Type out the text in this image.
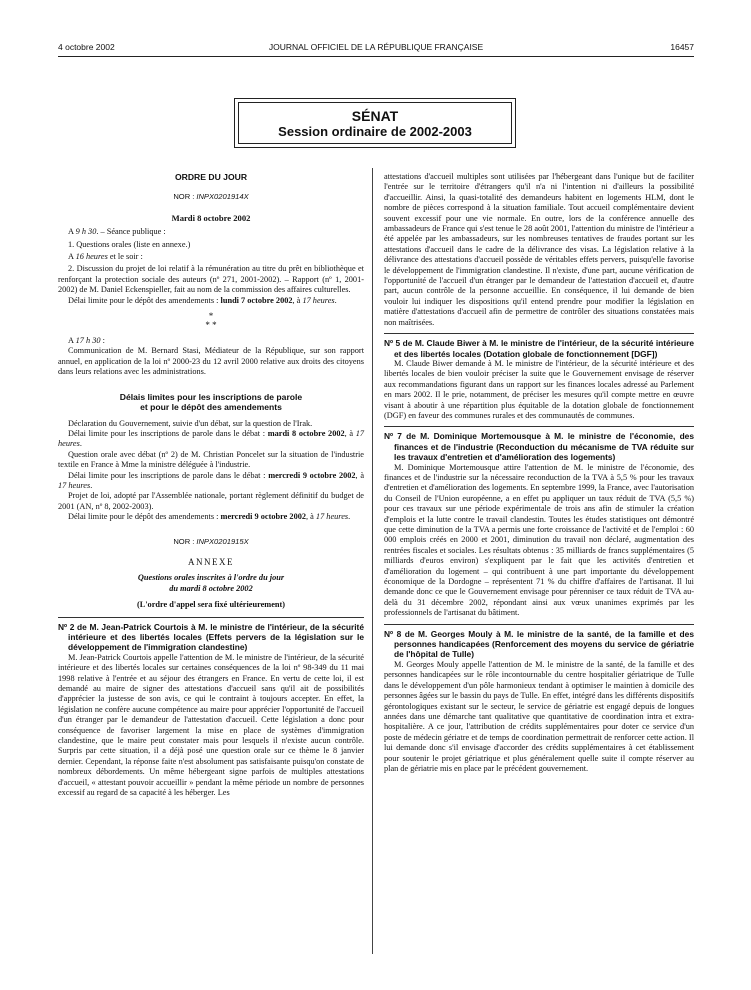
4 octobre 2002	JOURNAL OFFICIEL DE LA RÉPUBLIQUE FRANÇAISE	16457
SÉNAT
Session ordinaire de 2002-2003

ORDRE DU JOUR

NOR : INPX0201914X

Mardi 8 octobre 2002

A 9 h 30. – Séance publique :

1. Questions orales (liste en annexe.)

A 16 heures et le soir :

2. Discussion du projet de loi relatif à la rémunération au titre du prêt en bibliothèque et renforçant la protection sociale des auteurs (nº 271, 2001-2002). – Rapport (nº 1, 2001-2002) de M. Daniel Eckenspieller, fait au nom de la commission des affaires culturelles.

Délai limite pour le dépôt des amendements : lundi 7 octobre 2002, à 17 heures.

*
* *

A 17 h 30 :

Communication de M. Bernard Stasi, Médiateur de la République, sur son rapport annuel, en application de la loi nº 2000-23 du 12 avril 2000 relative aux droits des citoyens dans leurs relations avec les administrations.

Délais limites pour les inscriptions de parole

et pour le dépôt des amendements

Déclaration du Gouvernement, suivie d'un débat, sur la question de l'Irak.

Délai limite pour les inscriptions de parole dans le débat : mardi 8 octobre 2002, à 17 heures.

Question orale avec débat (nº 2) de M. Christian Poncelet sur la situation de l'industrie textile en France à Mme la ministre déléguée à l'industrie.

Délai limite pour les inscriptions de parole dans le débat : mercredi 9 octobre 2002, à 17 heures.

Projet de loi, adopté par l'Assemblée nationale, portant règlement définitif du budget de 2001 (AN, nº 8, 2002-2003).

Délai limite pour le dépôt des amendements : mercredi 9 octobre 2002, à 17 heures.

NOR : INPX0201915X

ANNEXE

Questions orales inscrites à l'ordre du jour

du mardi 8 octobre 2002

(L'ordre d'appel sera fixé ultérieurement)

Nº 2 de M. Jean-Patrick Courtois à M. le ministre de l'intérieur, de la sécurité intérieure et des libertés locales (Effets pervers de la législation sur le développement de l'immigration clandestine)

M. Jean-Patrick Courtois appelle l'attention de M. le ministre de l'intérieur, de la sécurité intérieure et des libertés locales sur certaines conséquences de la loi nº 98-349 du 11 mai 1998 relative à l'entrée et au séjour des étrangers en France. En vertu de cette loi, il est demandé au maire de signer des attestations d'accueil sans qu'il ait de possibilités d'apprécier la justesse de son avis, ce qui le contraint à toujours accepter. En effet, la législation ne confère aucune compétence au maire pour apprécier l'opportunité de l'accueil d'un étranger par le demandeur de l'attestation d'accueil. Cette législation a donc pour conséquence de favoriser largement la mise en place de systèmes d'immigration clandestine, que le maire peut constater mais pour lesquels il n'existe aucun contrôle. Surpris par cette situation, il a déjà posé une question orale sur ce thème le 8 janvier dernier. Cependant, la réponse faite n'est absolument pas satisfaisante puisqu'on constate de nombreux débordements. Un même hébergeant signe parfois de multiples attestations d'accueil, « attestant pouvoir accueillir » pendant la même période un nombre de personnes excessif au regard de sa capacité à les héberger. Les

attestations d'accueil multiples sont utilisées par l'hébergeant dans l'unique but de faciliter l'entrée sur le territoire d'étrangers qu'il n'a ni l'intention ni d'ailleurs la possibilité d'accueillir. Ainsi, la quasi-totalité des demandeurs habitent en logements HLM, dont le nombre de pièces correspond à la situation familiale. Tout accueil complémentaire devient souvent excessif pour une vie normale. En outre, lors de la conférence annuelle des ambassadeurs de France qui s'est tenue le 28 août 2001, l'attention du ministre de l'intérieur a été appelée par les ambassadeurs, sur les nombreuses tentatives de fraudes portant sur les attestations d'accueil dans le cadre de la délivrance des visas. La législation relative à la délivrance des attestations d'accueil possède de véritables effets pervers, puisqu'elle favorise le développement de l'immigration clandestine. Il n'existe, d'une part, aucune vérification de l'opportunité de l'accueil d'un étranger par le demandeur de l'attestation d'accueil et, d'autre part, aucun contrôle de la personne accueillie. En conséquence, il lui demande de bien vouloir lui indiquer les dispositions qu'il entend prendre pour modifier la législation en matière d'attestations d'accueil afin de permettre de contrôler des situations constatées mais non maîtrisées.

Nº 5 de M. Claude Biwer à M. le ministre de l'intérieur, de la sécurité intérieure et des libertés locales (Dotation globale de fonctionnement [DGF])

M. Claude Biwer demande à M. le ministre de l'intérieur, de la sécurité intérieure et des libertés locales de bien vouloir préciser la suite que le Gouvernement envisage de réserver aux recommandations figurant dans un rapport sur les finances locales adressé au Parlement en mars 2002. Il le prie, notamment, de préciser les mesures qu'il compte mettre en œuvre visant à aboutir à une répartition plus équitable de la dotation globale de fonctionnement (DGF) en faveur des communes rurales et des communautés de communes.

Nº 7 de M. Dominique Mortemousque à M. le ministre de l'économie, des finances et de l'industrie (Reconduction du mécanisme de TVA réduite sur les travaux d'entretien et d'amélioration des logements)

M. Dominique Mortemousque attire l'attention de M. le ministre de l'économie, des finances et de l'industrie sur la nécessaire reconduction de la TVA à 5,5 % pour les travaux d'entretien et d'amélioration des logements. En septembre 1999, la France, avec l'autorisation du Conseil de l'Union européenne, a en effet pu appliquer un taux réduit de TVA (5,5 %) pour ces travaux sur une période expérimentale de trois ans afin de stimuler la création d'emplois et la lutte contre le travail clandestin. Toutes les études statistiques ont démontré que cette diminution de la TVA a permis une forte croissance de l'activité et de l'emploi : 60 000 emplois créés en 2000 et 2001, diminution du travail non déclaré, augmentation des rentrées fiscales et sociales. Les résultats obtenus : 35 milliards de francs supplémentaires (5 milliards d'euros environ) s'expliquent par le fait que les activités d'entretien et d'amélioration du logement – qui contribuent à une part importante du développement économique de la Dordogne – représentent 71 % du chiffre d'affaires de l'artisanat. Il lui demande donc ce que le Gouvernement envisage pour pérenniser ce taux réduit de TVA au-delà du 31 décembre 2002, répondant ainsi aux vœux unanimes exprimés par les professionnels de l'artisanat du bâtiment.

Nº 8 de M. Georges Mouly à M. le ministre de la santé, de la famille et des personnes handicapées (Renforcement des moyens du service de gériatrie de l'hôpital de Tulle)

M. Georges Mouly appelle l'attention de M. le ministre de la santé, de la famille et des personnes handicapées sur le rôle incontournable du centre hospitalier gériatrique de Tulle dans le développement d'un pôle harmonieux tendant à optimiser le maintien à domicile des personnes âgées sur le bassin du pays de Tulle. En effet, intégré dans les différents dispositifs gérontologiques existant sur le secteur, le service de gériatrie est engagé depuis de longues années dans une démarche tant qualitative que quantitative de coordination intra et extra-hospitalière. A ce jour, l'attribution de crédits supplémentaires pour doter ce service d'un poste de médecin gériatre et de temps de coordination permettrait de renforcer cette action. Il lui demande donc s'il envisage d'accorder des crédits supplémentaires à cet établissement pour soutenir le projet gériatrique et plus généralement quelle suite il compte réserver au plan de gériatrie mis en place par le précédent gouvernement.
